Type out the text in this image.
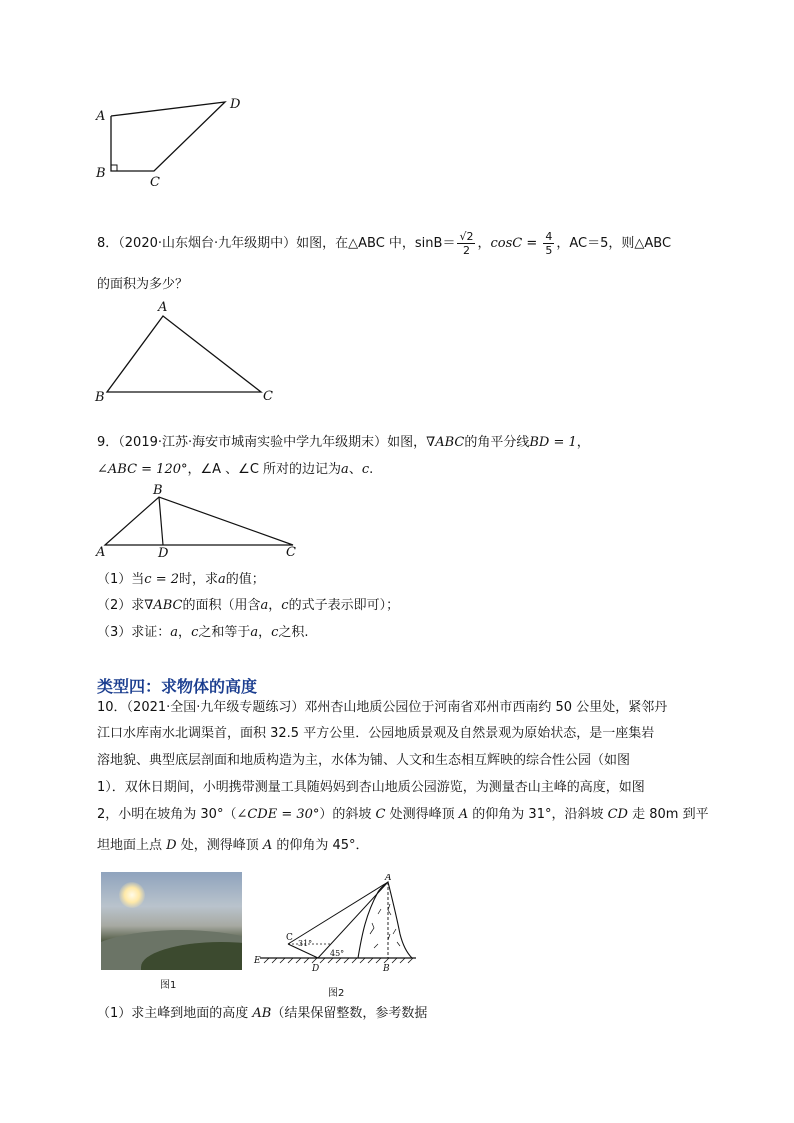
A
B
C
D
8．（2020·山东烟台·九年级期中）如图，在△ABC 中，$\sin B= \frac{√2}{2}$ ，$\cos C = \frac{4}{5}$ ，AC＝5，则△ABC
的面积为多少？
A
B	C
9．（2019·江苏·海安市城南实验中学九年级期末）如图，∇ABC的角平分线BD = 1，
∠ABC = 120°，∠A 、∠C 所对的边记为a、c.
B
A	D	C
（1）当c = 2时，求a的值；
（2）求∇ABC的面积（用含a，c的式子表示即可）；
（3）求证：a，c之和等于a，c之积.
类型四：求物体的高度
10．（2021·全国·九年级专题练习）邓州杏山地质公园位于河南省邓州市西南约 50 公里处，紧邻丹
江口水库南水北调渠首，面积 32.5 平方公里．公园地质景观及自然景观为原始状态，是一座集岩
溶地貌、典型底层剖面和地质构造为主，水体为铺、人文和生态相互辉映的综合性公园（如图
1）．双休日期间，小明携带测量工具随妈妈到杏山地质公园游览，为测量杏山主峰的高度，如图
2，小明在坡角为 30°（∠CDE = 30°）的斜坡 C 处测得峰顶 A 的仰角为 31°，沿斜坡 CD 走 80m 到平
坦地面上点 D 处，测得峰顶 A 的仰角为 45°．
图1
A
B
C
D
E
31°
45°
图2
（1）求主峰到地面的高度 AB（结果保留整数，参考数据
